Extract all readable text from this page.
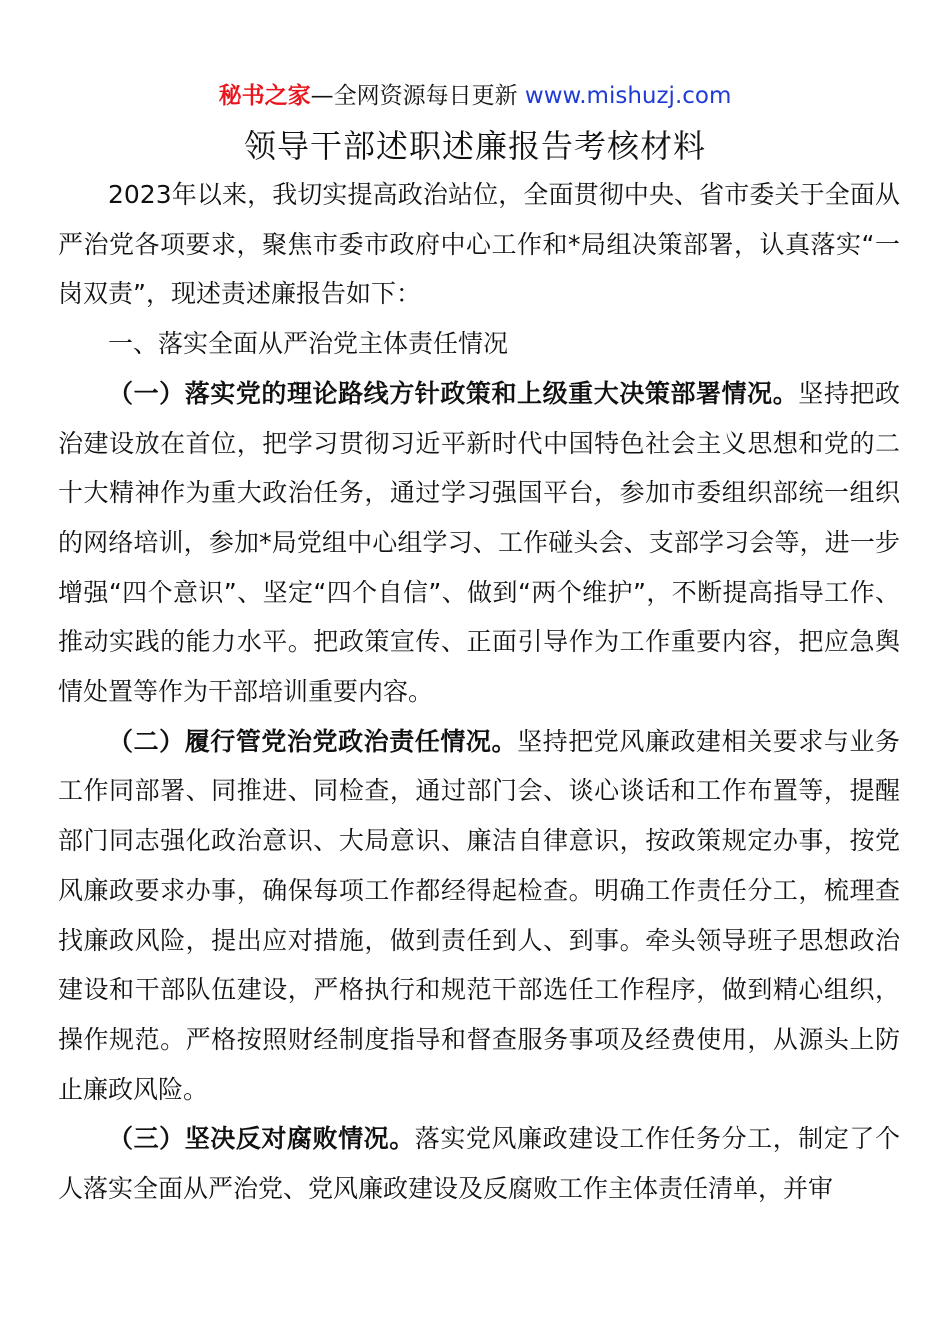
秘书之家—全网资源每日更新 www.mishuzj.com
领导干部述职述廉报告考核材料

2023年以来，我切实提高政治站位，全面贯彻中央、省市委关于全面从严治党各项要求，聚焦市委市政府中心工作和*局组决策部署，认真落实“一岗双责”，现述责述廉报告如下：

一、落实全面从严治党主体责任情况

（一）落实党的理论路线方针政策和上级重大决策部署情况。坚持把政治建设放在首位，把学习贯彻习近平新时代中国特色社会主义思想和党的二十大精神作为重大政治任务，通过学习强国平台，参加市委组织部统一组织的网络培训，参加*局党组中心组学习、工作碰头会、支部学习会等，进一步增强“四个意识”、坚定“四个自信”、做到“两个维护”，不断提高指导工作、推动实践的能力水平。把政策宣传、正面引导作为工作重要内容，把应急舆情处置等作为干部培训重要内容。

（二）履行管党治党政治责任情况。坚持把党风廉政建相关要求与业务工作同部署、同推进、同检查，通过部门会、谈心谈话和工作布置等，提醒部门同志强化政治意识、大局意识、廉洁自律意识，按政策规定办事，按党风廉政要求办事，确保每项工作都经得起检查。明确工作责任分工，梳理查找廉政风险，提出应对措施，做到责任到人、到事。牵头领导班子思想政治建设和干部队伍建设，严格执行和规范干部选任工作程序，做到精心组织，操作规范。严格按照财经制度指导和督查服务事项及经费使用，从源头上防止廉政风险。

（三）坚决反对腐败情况。落实党风廉政建设工作任务分工，制定了个人落实全面从严治党、党风廉政建设及反腐败工作主体责任清单，并审
